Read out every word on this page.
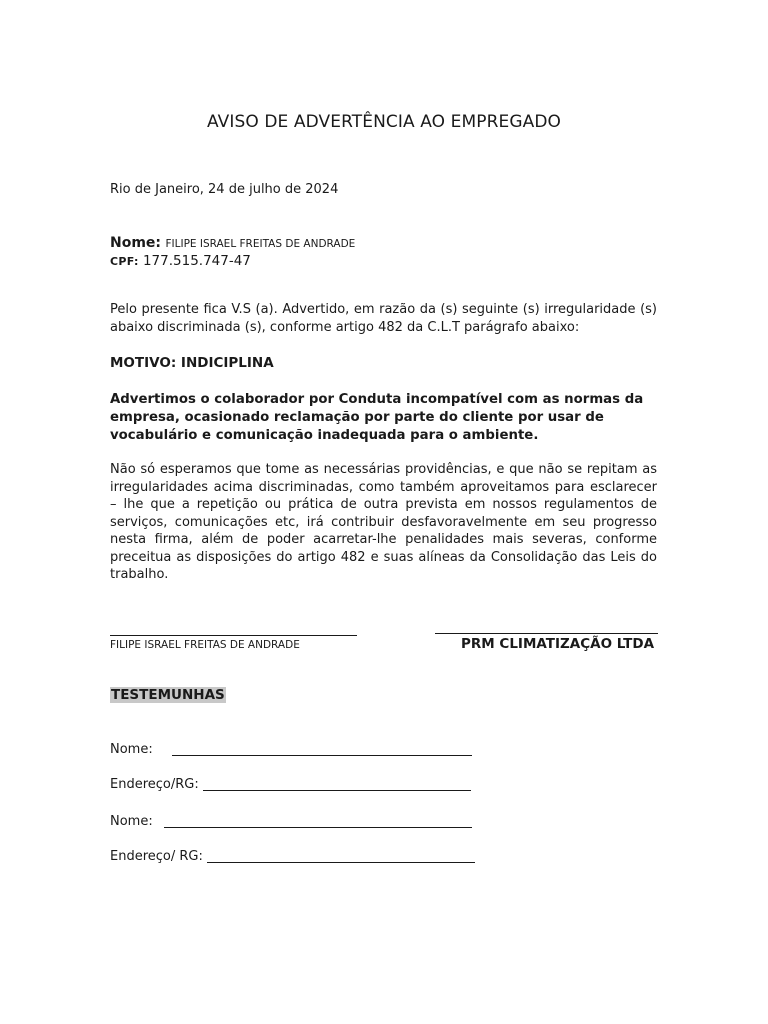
AVISO DE ADVERTÊNCIA AO EMPREGADO
Rio de Janeiro, 24 de julho de 2024
Nome: FILIPE ISRAEL FREITAS DE ANDRADE
CPF: 177.515.747-47
Pelo presente fica V.S (a). Advertido, em razão da (s) seguinte (s) irregularidade (s) abaixo discriminada (s), conforme artigo 482 da C.L.T parágrafo abaixo:
MOTIVO: INDICIPLINA
Advertimos o colaborador por Conduta incompatível com as normas da empresa, ocasionado reclamação por parte do cliente por usar de vocabulário e comunicação inadequada para o ambiente.
Não só esperamos que tome as necessárias providências, e que não se repitam as irregularidades acima discriminadas, como também aproveitamos para esclarecer – lhe que a repetição ou prática de outra prevista em nossos regulamentos de serviços, comunicações etc, irá contribuir desfavoravelmente em seu progresso nesta firma, além de poder acarretar-lhe penalidades mais severas, conforme preceitua as disposições do artigo 482 e suas alíneas da Consolidação das Leis do trabalho.
FILIPE ISRAEL FREITAS DE ANDRADE	PRM CLIMATIZAÇÃO LTDA
TESTEMUNHAS
Nome:
Endereço/RG:
Nome:
Endereço/ RG:
